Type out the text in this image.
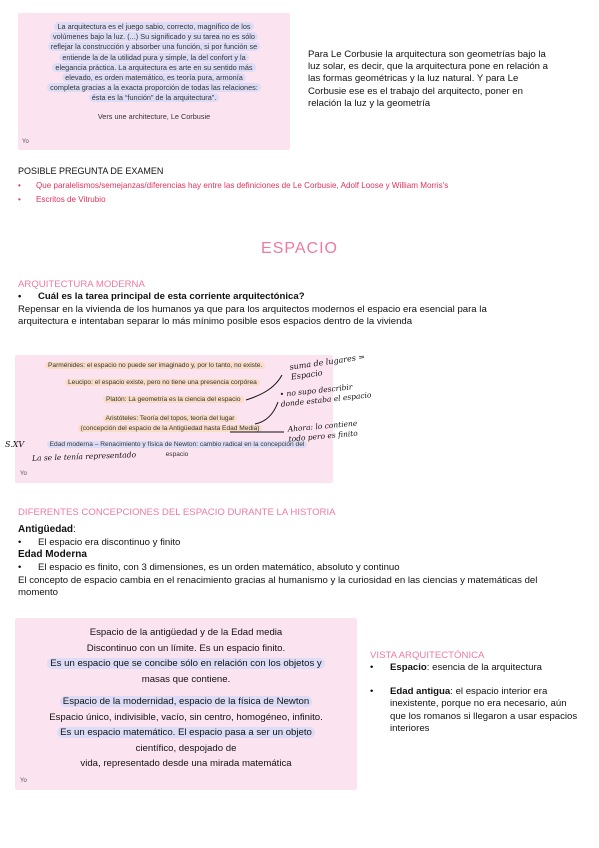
La arquitectura es el juego sabio, correcto, magnífico de los
volúmenes bajo la luz. (...) Su significado y su tarea no es sólo
reflejar la construcción y absorber una función, si por función se
entiende la de la utilidad pura y simple, la del confort y la
elegancia práctica. La arquitectura es arte en su sentido más
elevado, es orden matemático, es teoría pura, armonía
completa gracias a la exacta proporción de todas las relaciones:
ésta es la “función” de la arquitectura”.
Vers une architecture, Le Corbusie
Yo
Para Le Corbusie la arquitectura son geometrías bajo la luz solar, es decir, que la arquitectura pone en relación a las formas geométricas y la luz natural. Y para Le Corbusie ese es el trabajo del arquitecto, poner en relación la luz y la geometría
POSIBLE PREGUNTA DE EXAMEN
• Que paralelismos/semejanzas/diferencias hay entre las definiciones de Le Corbusie, Adolf Loose y William Morris's
• Escritos de Vitrubio
ESPACIO
ARQUITECTURA MODERNA
• Cuál es la tarea principal de esta corriente arquitectónica?
Repensar en la vivienda de los humanos ya que para los arquitectos modernos el espacio era esencial para la arquitectura e intentaban separar lo más mínimo posible esos espacios dentro de la vivienda
Parménides: el espacio no puede ser imaginado y, por lo tanto, no existe.
Leucipo: el espacio existe, pero no tiene una presencia corpórea
Platón: La geometría es la ciencia del espacio
Aristóteles: Teoría del topos, teoría del lugar
(concepción del espacio de la Antigüedad hasta Edad Media)
Edad moderna – Renacimiento y física de Newton: cambio radical en la concepción del
espacio
Yo
suma de lugares = Espacio
• no supo describir donde estaba el espacio
Ahora: lo contiene todo pero es finito
S.XV
La se le tenía representado
DIFERENTES CONCEPCIONES DEL ESPACIO DURANTE LA HISTORIA
Antigüedad:
• El espacio era discontinuo y finito
Edad Moderna
• El espacio es finito, con 3 dimensiones, es un orden matemático, absoluto y continuo
El concepto de espacio cambia en el renacimiento gracias al humanismo y la curiosidad en las ciencias y matemáticas del momento
Espacio de la antigüedad y de la Edad media
Discontinuo con un límite. Es un espacio finito.
Es un espacio que se concibe sólo en relación con los objetos y
masas que contiene.
Espacio de la modernidad, espacio de la física de Newton
Espacio único, indivisible, vacío, sin centro, homogéneo, infinito.
Es un espacio matemático. El espacio pasa a ser un objeto
científico, despojado de
vida, representado desde una mirada matemática
Yo
VISTA ARQUITECTÓNICA
• Espacio: esencia de la arquitectura
• Edad antigua: el espacio interior era inexistente, porque no era necesario, aún que los romanos si llegaron a usar espacios interiores
